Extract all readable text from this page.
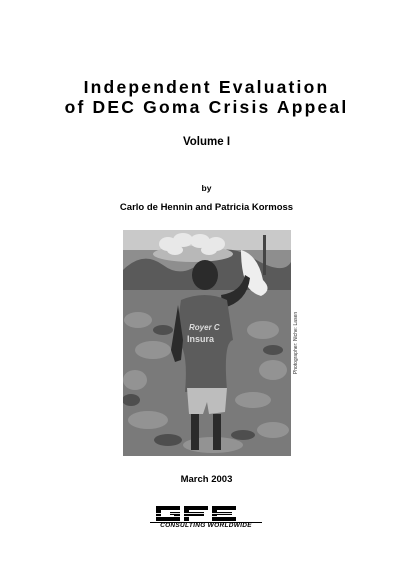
Independent Evaluation
of DEC Goma Crisis Appeal
Volume I
by
Carlo de Hennin and Patricia Kormoss
Royer C
Insura	Photographer: Niche: Lasen
March 2003
CONSULTING WORLDWIDE
